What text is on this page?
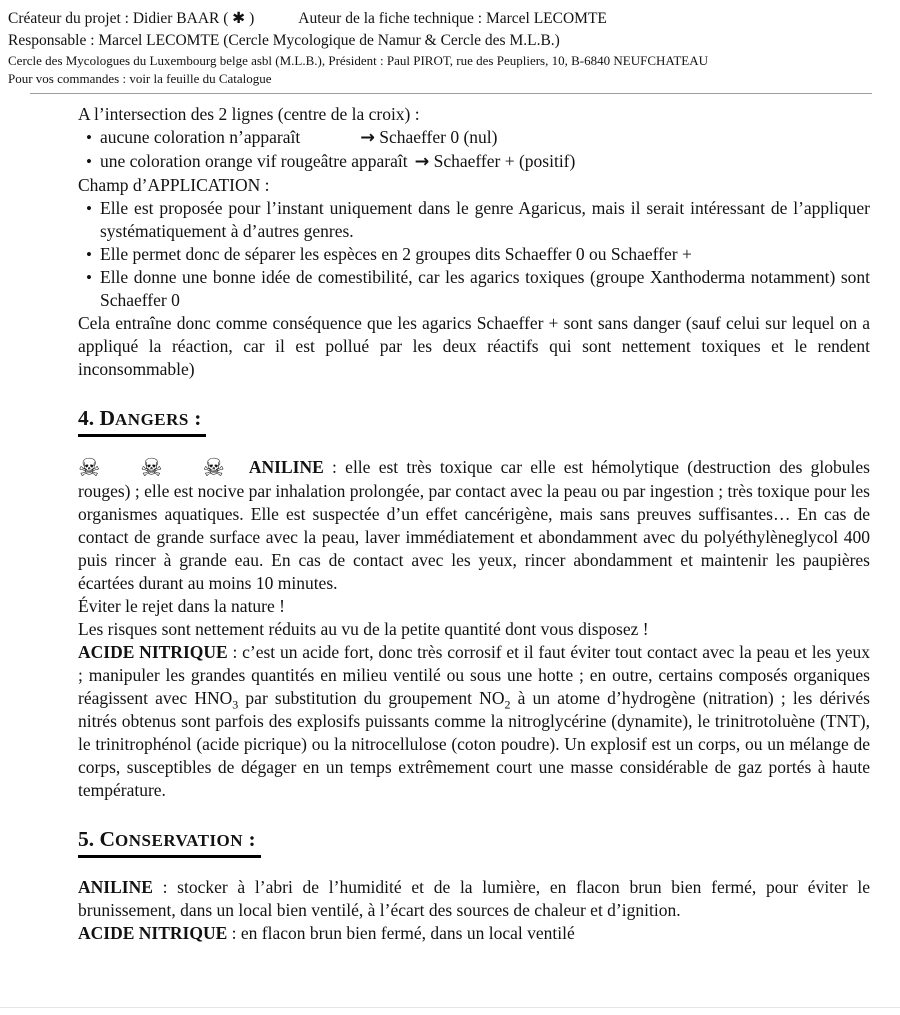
Créateur du projet : Didier BAAR ( ✱ )	Auteur de la fiche technique : Marcel LECOMTE
Responsable : Marcel LECOMTE (Cercle Mycologique de Namur & Cercle des M.L.B.)
Cercle des Mycologues du Luxembourg belge asbl (M.L.B.), Président : Paul PIROT, rue des Peupliers, 10, B-6840 NEUFCHATEAU
Pour vos commandes : voir la feuille du Catalogue

A l’intersection des 2 lignes (centre de la croix) :

• aucune coloration n’apparaît	→ Schaeffer 0 (nul)
• une coloration orange vif rougeâtre apparaît → Schaeffer + (positif)

Champ d’APPLICATION :

• Elle est proposée pour l’instant uniquement dans le genre Agaricus, mais il serait intéressant de l’appliquer systématiquement à d’autres genres.
• Elle permet donc de séparer les espèces en 2 groupes dits Schaeffer 0 ou Schaeffer +
• Elle donne une bonne idée de comestibilité, car les agarics toxiques (groupe Xanthoderma notamment) sont Schaeffer 0

Cela entraîne donc comme conséquence que les agarics Schaeffer + sont sans danger (sauf celui sur lequel on a appliqué la réaction, car il est pollué par les deux réactifs qui sont nettement toxiques et le rendent inconsommable)

4. DANGERS :

☠ ☠ ☠ ANILINE : elle est très toxique car elle est hémolytique (destruction des globules rouges) ; elle est nocive par inhalation prolongée, par contact avec la peau ou par ingestion ; très toxique pour les organismes aquatiques. Elle est suspectée d’un effet cancérigène, mais sans preuves suffisantes… En cas de contact de grande surface avec la peau, laver immédiatement et abondamment avec du polyéthylèneglycol 400 puis rincer à grande eau. En cas de contact avec les yeux, rincer abondamment et maintenir les paupières écartées durant au moins 10 minutes.

Éviter le rejet dans la nature !

Les risques sont nettement réduits au vu de la petite quantité dont vous disposez !

ACIDE NITRIQUE : c’est un acide fort, donc très corrosif et il faut éviter tout contact avec la peau et les yeux ; manipuler les grandes quantités en milieu ventilé ou sous une hotte ; en outre, certains composés organiques réagissent avec $HNO_3$ par substitution du groupement $NO_2$ à un atome d’hydrogène (nitration) ; les dérivés nitrés obtenus sont parfois des explosifs puissants comme la nitroglycérine (dynamite), le trinitrotoluène (TNT), le trinitrophénol (acide picrique) ou la nitrocellulose (coton poudre). Un explosif est un corps, ou un mélange de corps, susceptibles de dégager en un temps extrêmement court une masse considérable de gaz portés à haute température.

5. CONSERVATION :

ANILINE : stocker à l’abri de l’humidité et de la lumière, en flacon brun bien fermé, pour éviter le brunissement, dans un local bien ventilé, à l’écart des sources de chaleur et d’ignition.

ACIDE NITRIQUE : en flacon brun bien fermé, dans un local ventilé
